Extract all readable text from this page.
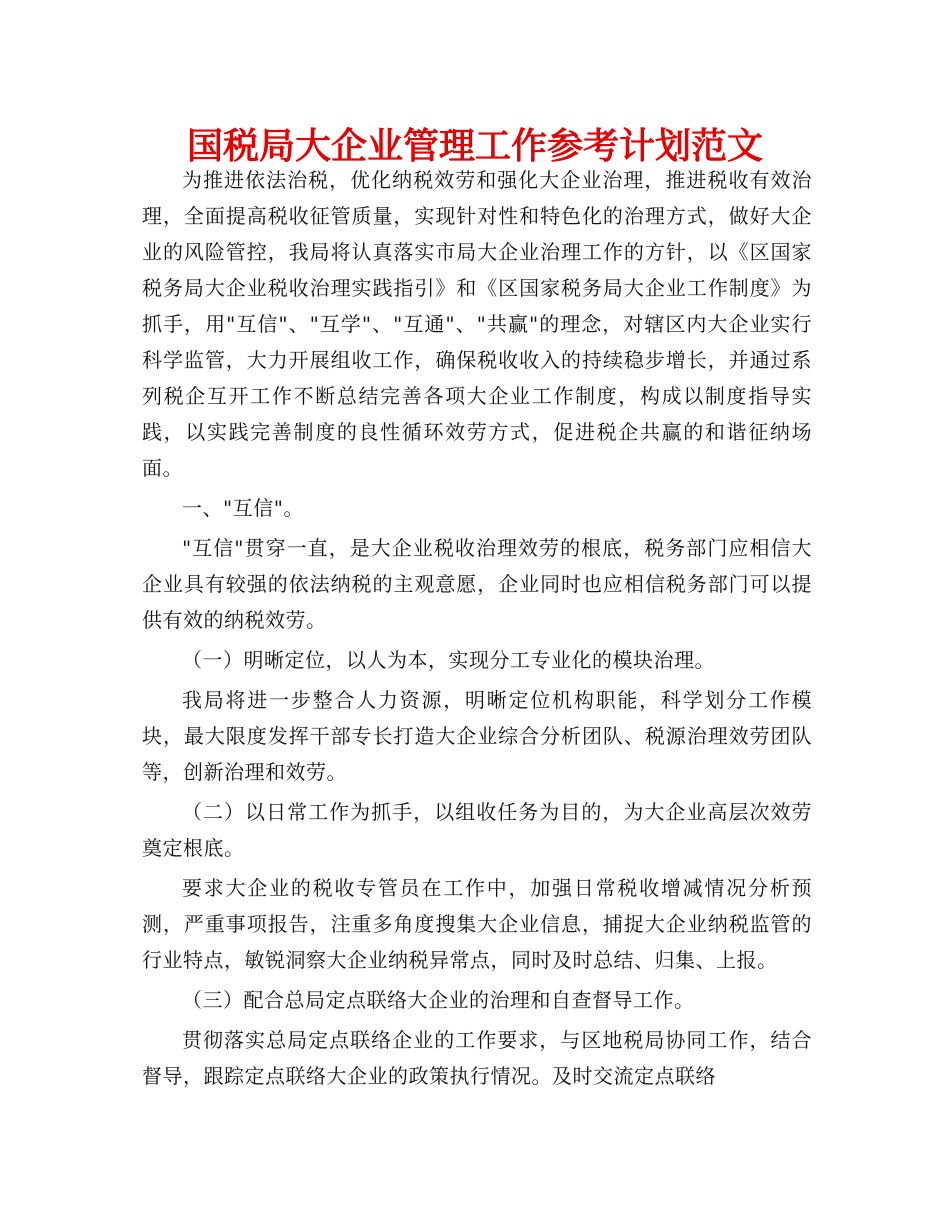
国税局大企业管理工作参考计划范文

为推进依法治税，优化纳税效劳和强化大企业治理，推进税收有效治理，全面提高税收征管质量，实现针对性和特色化的治理方式，做好大企业的风险管控，我局将认真落实市局大企业治理工作的方针，以《区国家税务局大企业税收治理实践指引》和《区国家税务局大企业工作制度》为抓手，用"互信"、"互学"、"互通"、"共赢"的理念，对辖区内大企业实行科学监管，大力开展组收工作，确保税收收入的持续稳步增长，并通过系列税企互开工作不断总结完善各项大企业工作制度，构成以制度指导实践，以实践完善制度的良性循环效劳方式，促进税企共赢的和谐征纳场面。

一、"互信"。

"互信"贯穿一直，是大企业税收治理效劳的根底，税务部门应相信大企业具有较强的依法纳税的主观意愿，企业同时也应相信税务部门可以提供有效的纳税效劳。

（一）明晰定位，以人为本，实现分工专业化的模块治理。

我局将进一步整合人力资源，明晰定位机构职能，科学划分工作模块，最大限度发挥干部专长打造大企业综合分析团队、税源治理效劳团队等，创新治理和效劳。

（二）以日常工作为抓手，以组收任务为目的，为大企业高层次效劳奠定根底。

要求大企业的税收专管员在工作中，加强日常税收增减情况分析预测，严重事项报告，注重多角度搜集大企业信息，捕捉大企业纳税监管的行业特点，敏锐洞察大企业纳税异常点，同时及时总结、归集、上报。

（三）配合总局定点联络大企业的治理和自查督导工作。

贯彻落实总局定点联络企业的工作要求，与区地税局协同工作，结合督导，跟踪定点联络大企业的政策执行情况。及时交流定点联络
